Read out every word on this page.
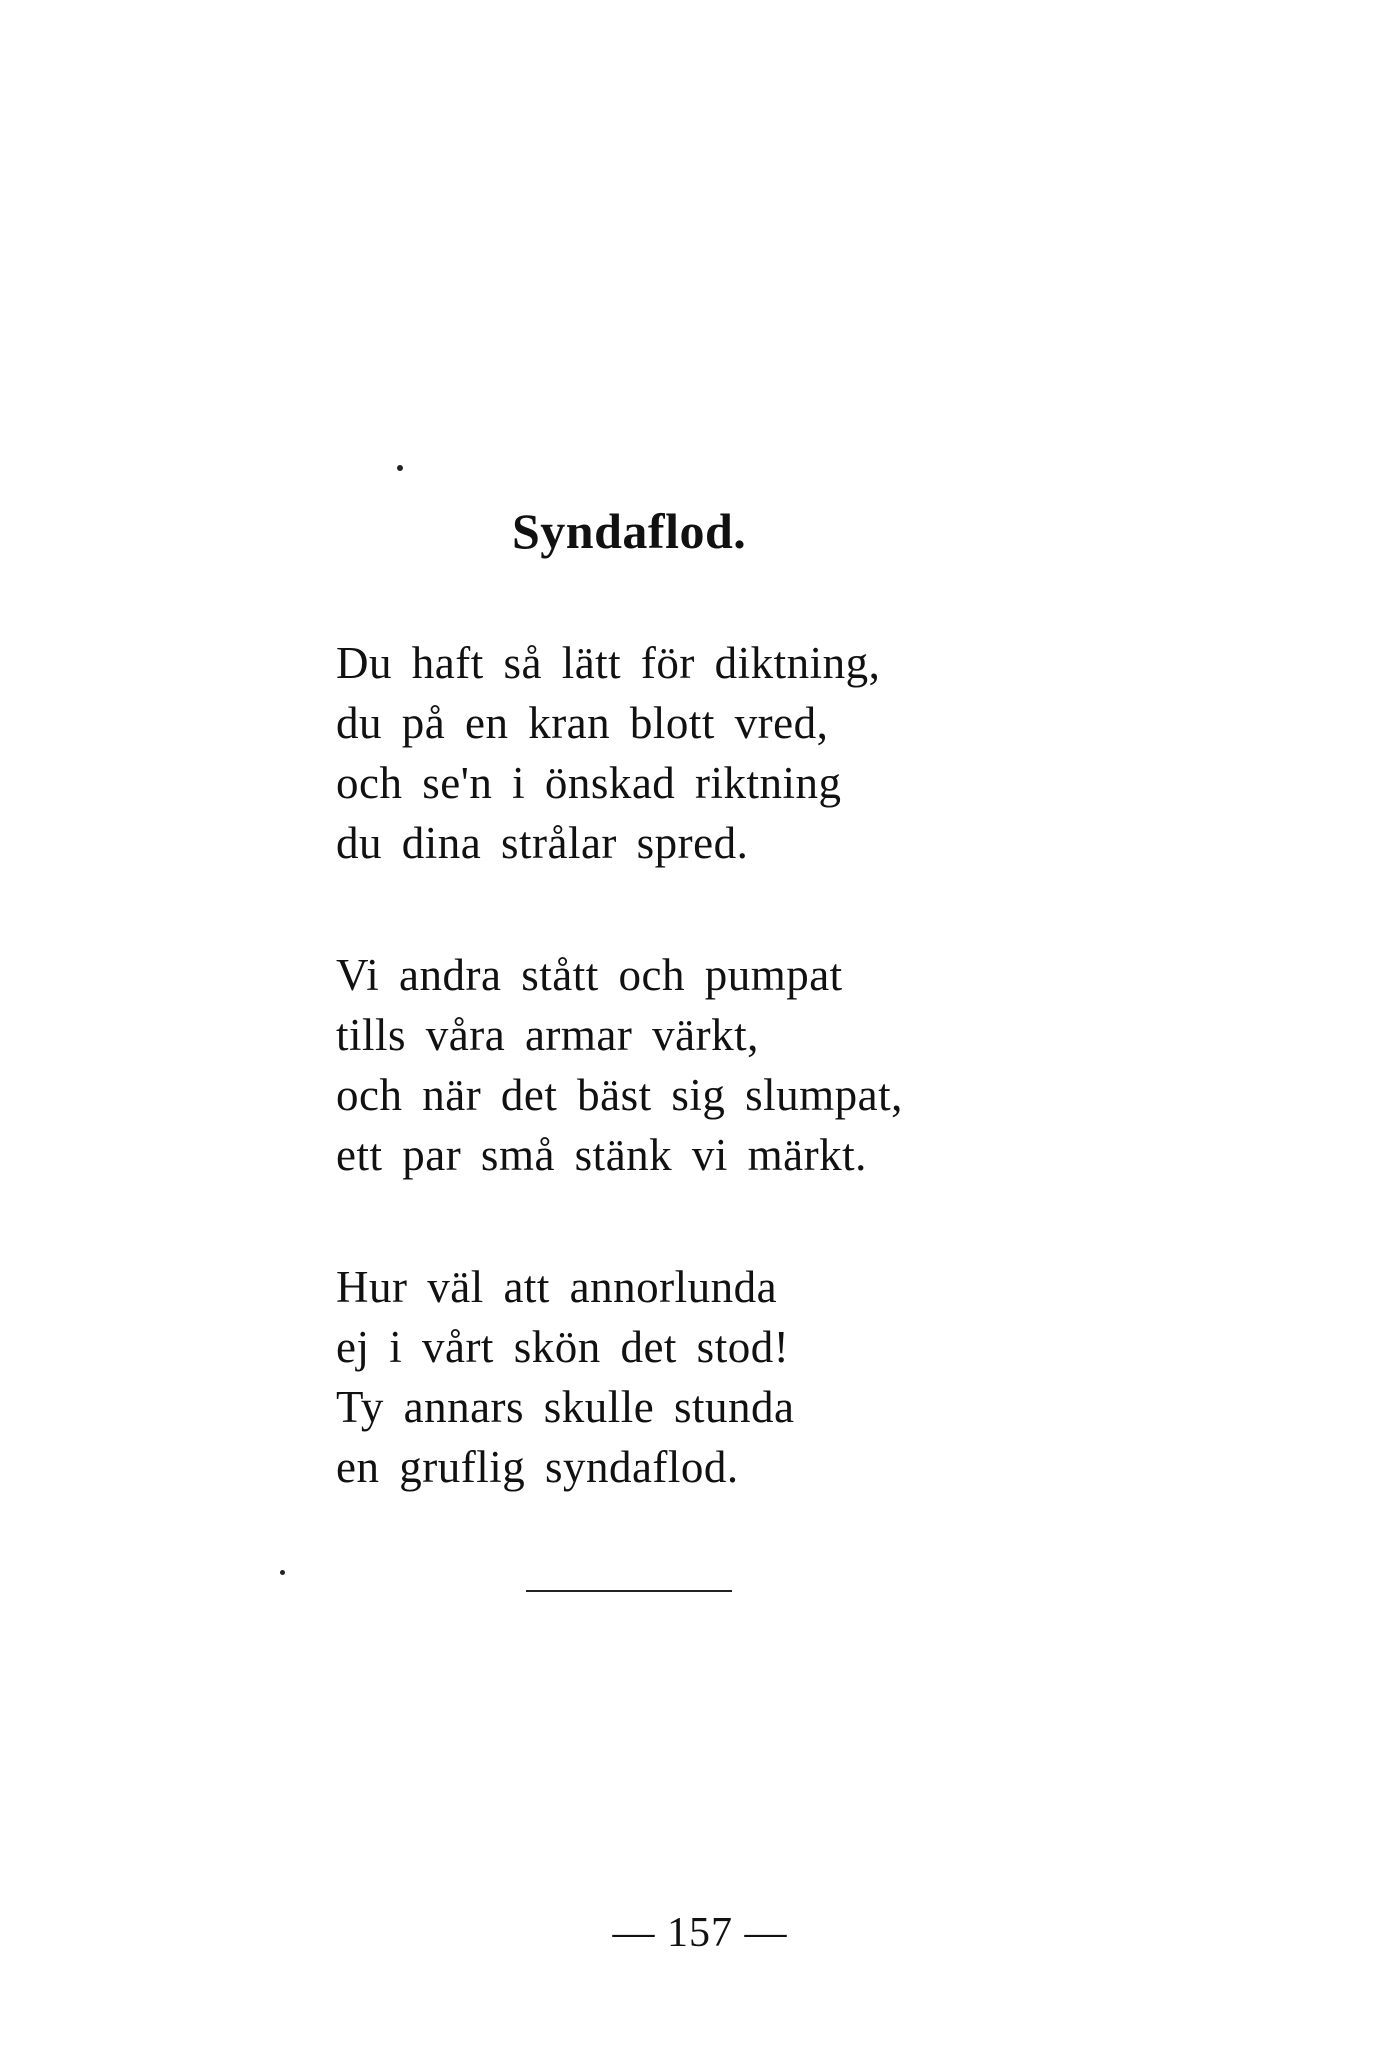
Syndaflod.
Du haft så lätt för diktning,
du på en kran blott vred,
och se'n i önskad riktning
du dina strålar spred.
Vi andra stått och pumpat
tills våra armar värkt,
och när det bäst sig slumpat,
ett par små stänk vi märkt.
Hur väl att annorlunda
ej i vårt skön det stod!
Ty annars skulle stunda
en gruflig syndaflod.
— 157 —
